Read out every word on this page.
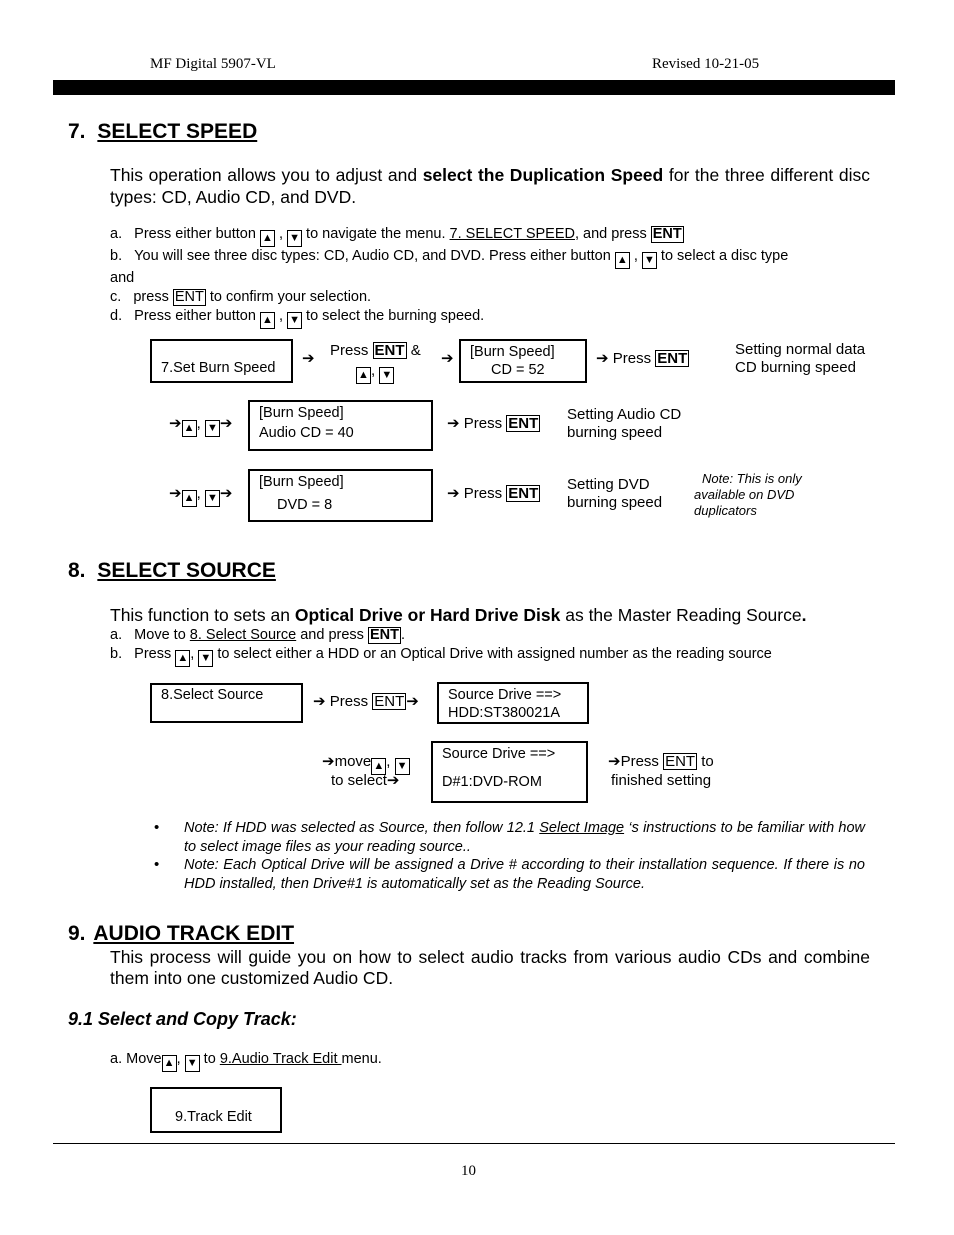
MF Digital 5907-VL	Revised 10-21-05
7. SELECT SPEED
This operation allows you to adjust and select the Duplication Speed for the three different disc types: CD, Audio CD, and DVD.
a.   Press either button ▲ , ▼ to navigate the menu. 7. SELECT SPEED, and press ENT
b.   You will see three disc types: CD, Audio CD, and DVD. Press either button ▲ , ▼ to select a disc type
and
c.   press ENT to confirm your selection.
d.   Press either button ▲ , ▼ to select the burning speed.
7.Set Burn Speed
➔ Press ENT &
▲ , ▼
➔ [Burn Speed]
CD = 52
➔ Press ENT
Setting normal data CD burning speed
➔ ▲ , ▼ ➔
[Burn Speed]
Audio CD = 40
➔ Press ENT
Setting Audio CD burning speed
➔ ▲ , ▼ ➔
[Burn Speed]
DVD = 8
➔ Press ENT
Setting DVD burning speed
Note: This is only available on DVD duplicators
8. SELECT SOURCE
This function to sets an Optical Drive or Hard Drive Disk as the Master Reading Source.
a.   Move to 8. Select Source and press ENT .
b.   Press ▲ , ▼ to select either a HDD or an Optical Drive with assigned number as the reading source
8.Select Source	➔ Press ENT ➔ Source Drive ==>
HDD:ST380021A
➔move ▲ , ▼
to select➔
Source Drive ==>
D#1:DVD-ROM
➔Press ENT to
finished setting
• Note: If HDD was selected as Source, then follow 12.1 Select Image ‘s instructions to be familiar with how to select image files as your reading source..
• Note: Each Optical Drive will be assigned a Drive # according to their installation sequence. If there is no HDD installed, then Drive#1 is automatically set as the Reading Source.
9. AUDIO TRACK EDIT
This process will guide you on how to select audio tracks from various audio CDs and combine them into one customized Audio CD.
9.1 Select and Copy Track:
a. Move ▲ , ▼ to 9.Audio Track Edit menu.
9.Track Edit
10
